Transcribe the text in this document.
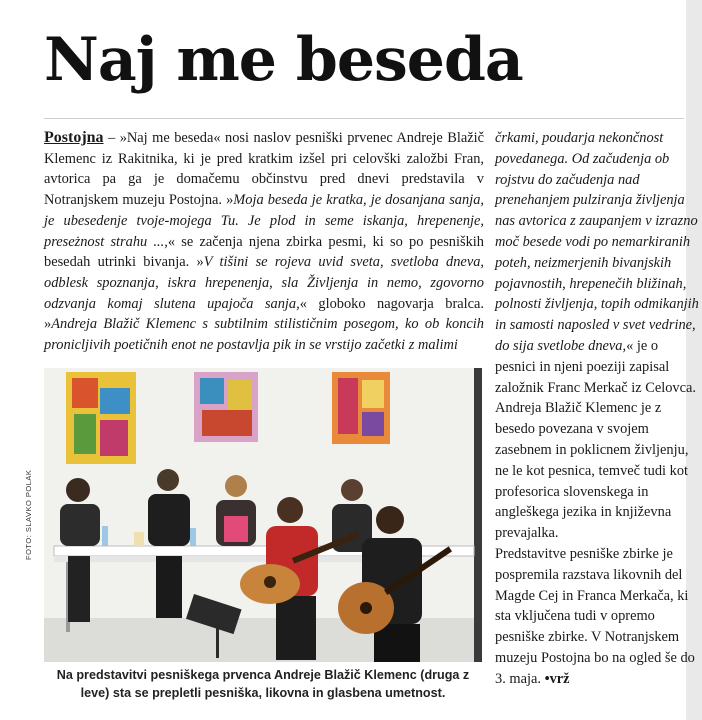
Naj me beseda

Postojna – »Naj me beseda« nosi naslov pesniški prvenec Andreje Blažič Klemenc iz Rakitnika, ki je pred kratkim izšel pri celovški založbi Fran, avtorica pa ga je domačemu občinstvu pred dnevi predstavila v Notranjskem muzeju Postojna. »Moja beseda je kratka, je dosanjana sanja, je ubesedenje tvoje-mojega Tu. Je plod in seme iskanja, hrepenenje, preseżnost strahu ...,« se začenja njena zbirka pesmi, ki so po pesniških besedah utrinki bivanja. »V tišini se rojeva uvid sveta, svetloba dneva, odblesk spoznanja, iskra hrepenenja, sla Življenja in nemo, zgovorno odzvanja komaj slutena upajoča sanja,« globoko nagovarja bralca. »Andreja Blažič Klemenc s subtilnim stilističnim posegom, ko ob koncih pronicljivih poetičnih enot ne postavlja pik in se vrstijo začetki z malimi

črkami, poudarja nekončnost povedanega. Od začudenja ob rojstvu do začudenja nad prenehanjem pulziranja življenja nas avtorica z zaupanjem v izrazno moč besede vodi po nemarkiranih poteh, neizmerjenih bivanjskih pojavnostih, hrepenečih bližinah, polnosti življenja, topih odmikanjih in samosti naposled v svet vedrine, do sija svetlobe dneva,« je o pesnici in njeni poeziji zapisal založnik Franc Merkač iz Celovca.

Andreja Blažič Klemenc je z besedo povezana v svojem zasebnem in poklicnem življenju, ne le kot pesnica, temveč tudi kot profesorica slovenskega in angleškega jezika in književna prevajalka.

Predstavitve pesniške zbirke je pospremila razstava likovnih del Magde Cej in Franca Merkača, ki sta vključena tudi v opremo pesniške zbirke. V Notranjskem muzeju Postojna bo na ogled še do 3. maja. •vrž

FOTO: SLAVKO POLAK

Na predstavitvi pesniškega prvenca Andreje Blažič Klemenc (druga z leve) sta se prepletli pesniška, likovna in glasbena umetnost.
